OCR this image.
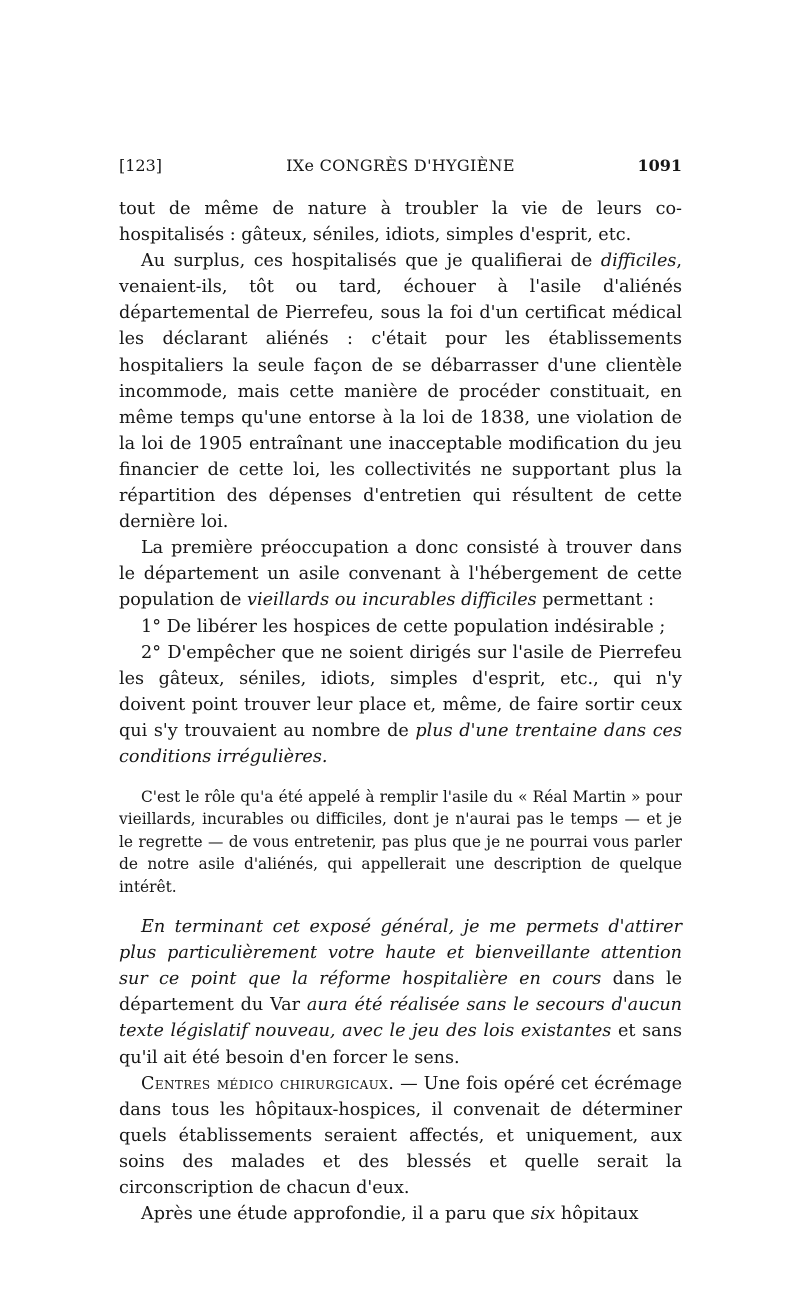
IXe CONGRÈS D'HYGIÈNE
[123]	1091

tout de même de nature à troubler la vie de leurs co-hospitalisés : gâteux, séniles, idiots, simples d'esprit, etc.

Au surplus, ces hospitalisés que je qualifierai de difficiles, venaient-ils, tôt ou tard, échouer à l'asile d'aliénés départemental de Pierrefeu, sous la foi d'un certificat médical les déclarant aliénés : c'était pour les établissements hospitaliers la seule façon de se débarrasser d'une clientèle incommode, mais cette manière de procéder constituait, en même temps qu'une entorse à la loi de 1838, une violation de la loi de 1905 entraînant une inacceptable modification du jeu financier de cette loi, les collectivités ne supportant plus la répartition des dépenses d'entretien qui résultent de cette dernière loi.

La première préoccupation a donc consisté à trouver dans le département un asile convenant à l'hébergement de cette population de vieillards ou incurables difficiles permettant :

1° De libérer les hospices de cette population indésirable ;

2° D'empêcher que ne soient dirigés sur l'asile de Pierrefeu les gâteux, séniles, idiots, simples d'esprit, etc., qui n'y doivent point trouver leur place et, même, de faire sortir ceux qui s'y trouvaient au nombre de plus d'une trentaine dans ces conditions irrégulières.

C'est le rôle qu'a été appelé à remplir l'asile du « Réal Martin » pour vieillards, incurables ou difficiles, dont je n'aurai pas le temps — et je le regrette — de vous entretenir, pas plus que je ne pourrai vous parler de notre asile d'aliénés, qui appellerait une description de quelque intérêt.

En terminant cet exposé général, je me permets d'attirer plus particulièrement votre haute et bienveillante attention sur ce point que la réforme hospitalière en cours dans le département du Var aura été réalisée sans le secours d'aucun texte législatif nouveau, avec le jeu des lois existantes et sans qu'il ait été besoin d'en forcer le sens.

Centres médico chirurgicaux. — Une fois opéré cet écrémage dans tous les hôpitaux-hospices, il convenait de déterminer quels établissements seraient affectés, et uniquement, aux soins des malades et des blessés et quelle serait la circonscription de chacun d'eux.

Après une étude approfondie, il a paru que six hôpitaux
